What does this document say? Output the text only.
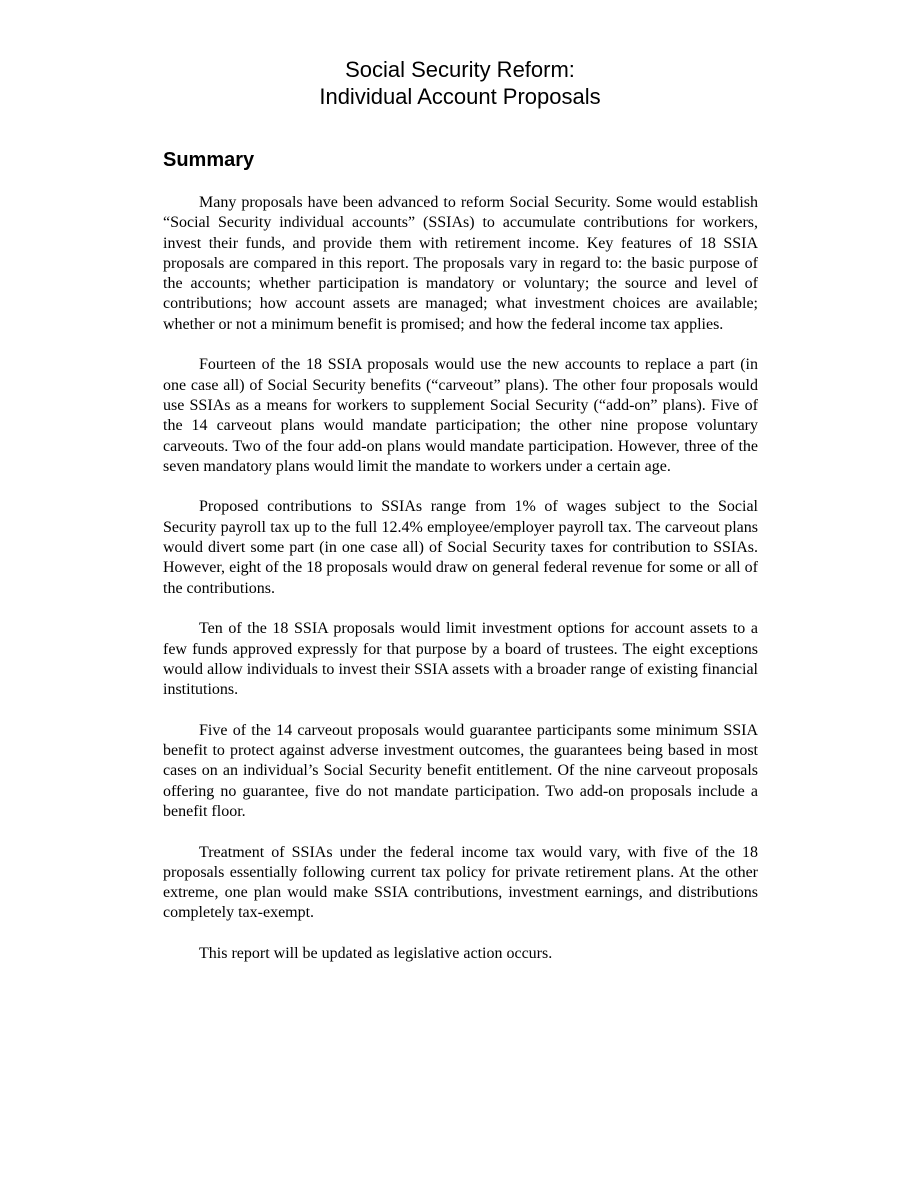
Social Security Reform:
Individual Account Proposals
Summary

Many proposals have been advanced to reform Social Security. Some would establish “Social Security individual accounts” (SSIAs) to accumulate contributions for workers, invest their funds, and provide them with retirement income. Key features of 18 SSIA proposals are compared in this report. The proposals vary in regard to: the basic purpose of the accounts; whether participation is mandatory or voluntary; the source and level of contributions; how account assets are managed; what investment choices are available; whether or not a minimum benefit is promised; and how the federal income tax applies.

Fourteen of the 18 SSIA proposals would use the new accounts to replace a part (in one case all) of Social Security benefits (“carveout” plans). The other four proposals would use SSIAs as a means for workers to supplement Social Security (“add-on” plans). Five of the 14 carveout plans would mandate participation; the other nine propose voluntary carveouts. Two of the four add-on plans would mandate participation. However, three of the seven mandatory plans would limit the mandate to workers under a certain age.

Proposed contributions to SSIAs range from 1% of wages subject to the Social Security payroll tax up to the full 12.4% employee/employer payroll tax. The carveout plans would divert some part (in one case all) of Social Security taxes for contribution to SSIAs. However, eight of the 18 proposals would draw on general federal revenue for some or all of the contributions.

Ten of the 18 SSIA proposals would limit investment options for account assets to a few funds approved expressly for that purpose by a board of trustees. The eight exceptions would allow individuals to invest their SSIA assets with a broader range of existing financial institutions.

Five of the 14 carveout proposals would guarantee participants some minimum SSIA benefit to protect against adverse investment outcomes, the guarantees being based in most cases on an individual’s Social Security benefit entitlement. Of the nine carveout proposals offering no guarantee, five do not mandate participation. Two add-on proposals include a benefit floor.

Treatment of SSIAs under the federal income tax would vary, with five of the 18 proposals essentially following current tax policy for private retirement plans. At the other extreme, one plan would make SSIA contributions, investment earnings, and distributions completely tax-exempt.

This report will be updated as legislative action occurs.
